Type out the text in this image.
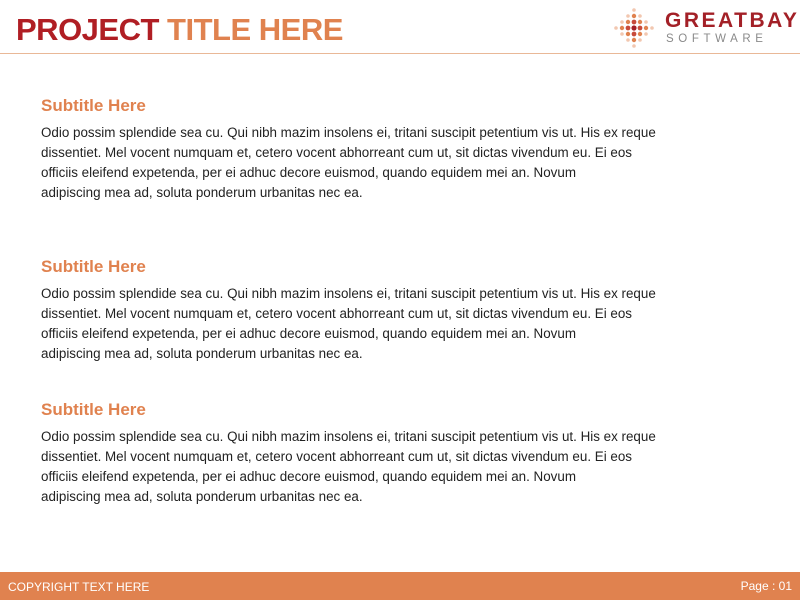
PROJECT TITLE HERE	GREATBAY
SOFTWARE
Subtitle Here

Odio possim splendide sea cu. Qui nibh mazim insolens ei, tritani suscipit petentium vis ut. His ex reque
dissentiet. Mel vocent numquam et, cetero vocent abhorreant cum ut, sit dictas vivendum eu. Ei eos
officiis eleifend expetenda, per ei adhuc decore euismod, quando equidem mei an. Novum
adipiscing mea ad, soluta ponderum urbanitas nec ea.

Subtitle Here

Odio possim splendide sea cu. Qui nibh mazim insolens ei, tritani suscipit petentium vis ut. His ex reque
dissentiet. Mel vocent numquam et, cetero vocent abhorreant cum ut, sit dictas vivendum eu. Ei eos
officiis eleifend expetenda, per ei adhuc decore euismod, quando equidem mei an. Novum
adipiscing mea ad, soluta ponderum urbanitas nec ea.

Subtitle Here

Odio possim splendide sea cu. Qui nibh mazim insolens ei, tritani suscipit petentium vis ut. His ex reque
dissentiet. Mel vocent numquam et, cetero vocent abhorreant cum ut, sit dictas vivendum eu. Ei eos
officiis eleifend expetenda, per ei adhuc decore euismod, quando equidem mei an. Novum
adipiscing mea ad, soluta ponderum urbanitas nec ea.

COPYRIGHT TEXT HERE	Page : 01
